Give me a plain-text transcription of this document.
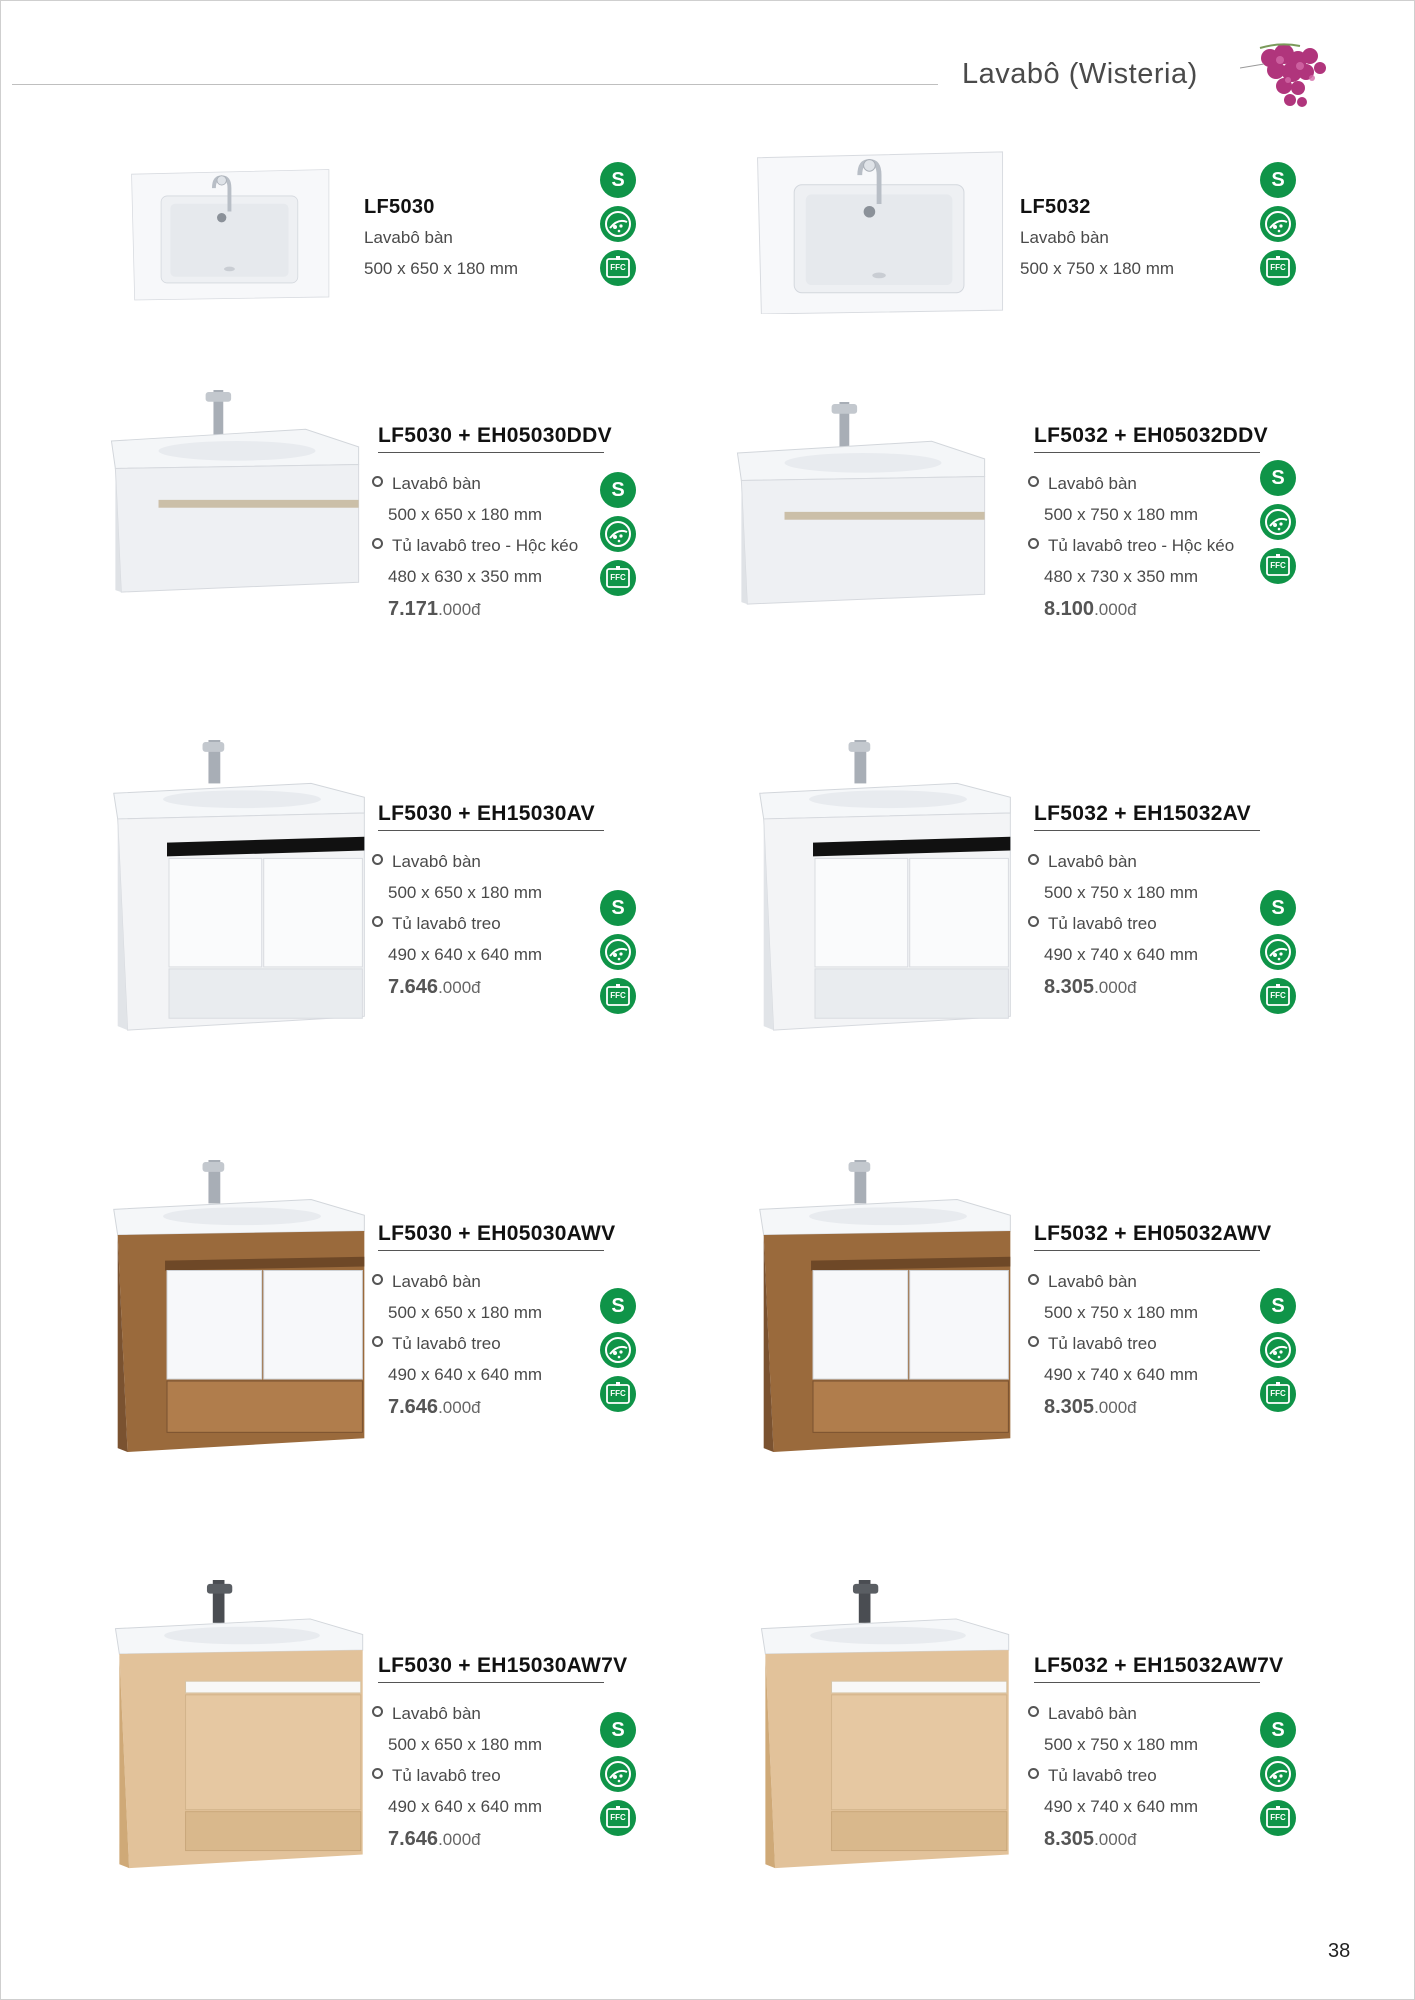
Lavabô (Wisteria)
LF5030
Lavabô bàn
500 x 650 x 180 mm
S
FFC
LF5032
Lavabô bàn
500 x 750 x 180 mm
S
FFC
LF5030 + EH05030DDV
Lavabô bàn
500 x 650 x 180 mm
Tủ lavabô treo - Hộc kéo
480 x 630 x 350 mm
7.171.000đ
S
FFC
LF5032 + EH05032DDV
Lavabô bàn
500 x 750 x 180 mm
Tủ lavabô treo - Hộc kéo
480 x 730 x 350 mm
8.100.000đ
S
FFC
LF5030 + EH15030AV
Lavabô bàn
500 x 650 x 180 mm
Tủ lavabô treo
490 x 640 x 640 mm
7.646.000đ
S
FFC
LF5032 + EH15032AV
Lavabô bàn
500 x 750 x 180 mm
Tủ lavabô treo
490 x 740 x 640 mm
8.305.000đ
S
FFC
LF5030 + EH05030AWV
Lavabô bàn
500 x 650 x 180 mm
Tủ lavabô treo
490 x 640 x 640 mm
7.646.000đ
S
FFC
LF5032 + EH05032AWV
Lavabô bàn
500 x 750 x 180 mm
Tủ lavabô treo
490 x 740 x 640 mm
8.305.000đ
S
FFC
LF5030 + EH15030AW7V
Lavabô bàn
500 x 650 x 180 mm
Tủ lavabô treo
490 x 640 x 640 mm
7.646.000đ
S
FFC
LF5032 + EH15032AW7V
Lavabô bàn
500 x 750 x 180 mm
Tủ lavabô treo
490 x 740 x 640 mm
8.305.000đ
S
FFC
38
